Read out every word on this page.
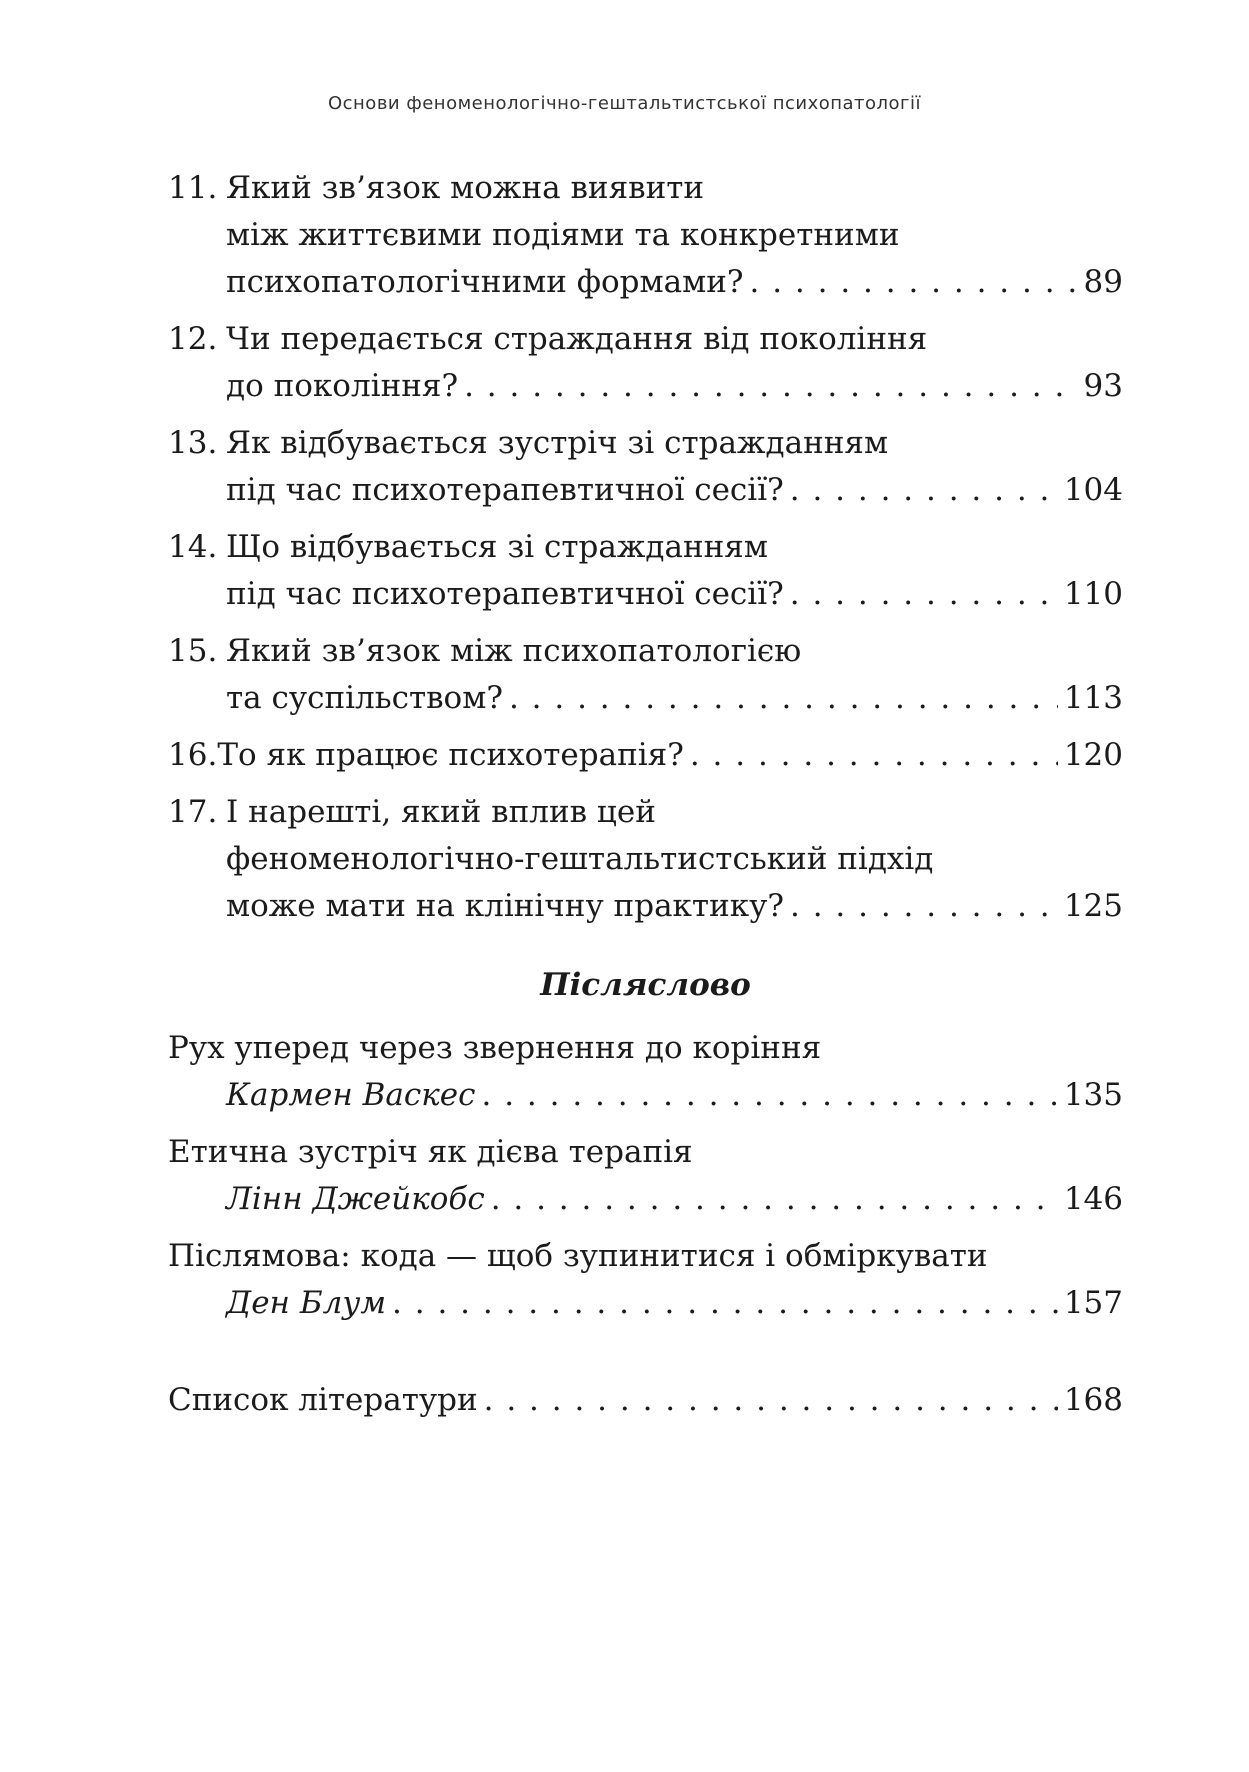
Основи феноменологічно-гештальтистської психопатології
11. Який зв’язок можна виявити
між життєвими подіями та конкретними
психопатологічними формами? . . .	89
12. Чи передається страждання від покоління
до покоління? . . .	93
13. Як відбувається зустріч зі стражданням
під час психотерапевтичної сесії? . . .	104
14. Що відбувається зі стражданням
під час психотерапевтичної сесії? . . .	110
15. Який зв’язок між психопатологією
та суспільством? . . .	113
16. То як працює психотерапія? . . .	120
17. І нарешті, який вплив цей
феноменологічно-гештальтистський підхід
може мати на клінічну практику? . . .	125
Післяслово
Рух уперед через звернення до коріння
Кармен Васкес . . .	135
Етична зустріч як дієва терапія
Лінн Джейкобс . . .	146
Післямова: кода — щоб зупинитися і обміркувати
Ден Блум . . .	157
Список літератури . . .	168
